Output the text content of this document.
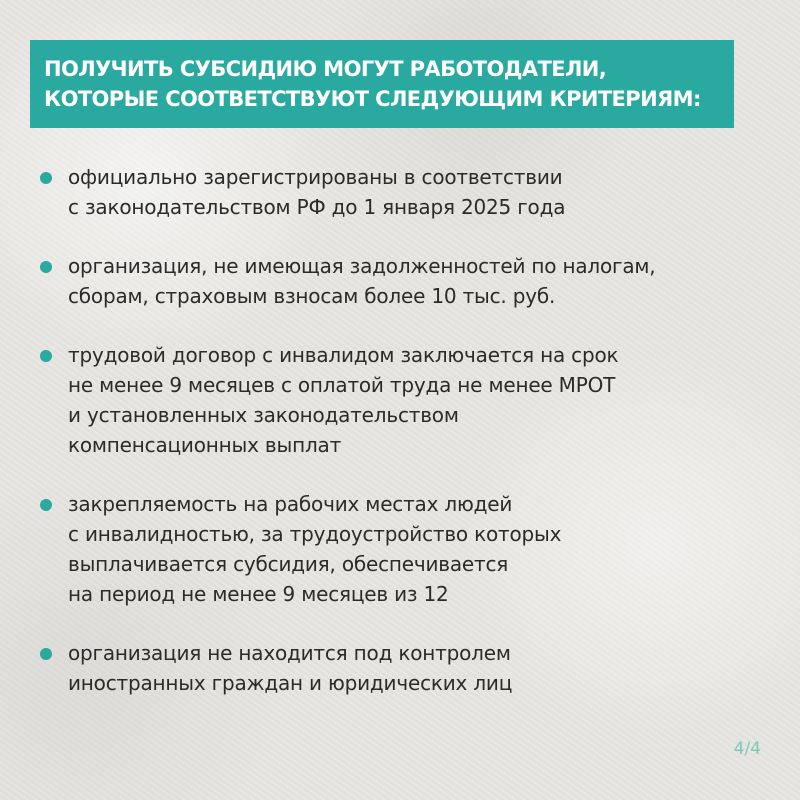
ПОЛУЧИТЬ СУБСИДИЮ МОГУТ РАБОТОДАТЕЛИ,
КОТОРЫЕ СООТВЕТСТВУЮТ СЛЕДУЮЩИМ КРИТЕРИЯМ:
официально зарегистрированы в соответствии
с законодательством РФ до 1 января 2025 года
организация, не имеющая задолженностей по налогам,
сборам, страховым взносам более 10 тыс. руб.
трудовой договор с инвалидом заключается на срок
не менее 9 месяцев с оплатой труда не менее МРОТ
и установленных законодательством
компенсационных выплат
закрепляемость на рабочих местах людей
с инвалидностью, за трудоустройство которых
выплачивается субсидия, обеспечивается
на период не менее 9 месяцев из 12
организация не находится под контролем
иностранных граждан и юридических лиц
4/4
